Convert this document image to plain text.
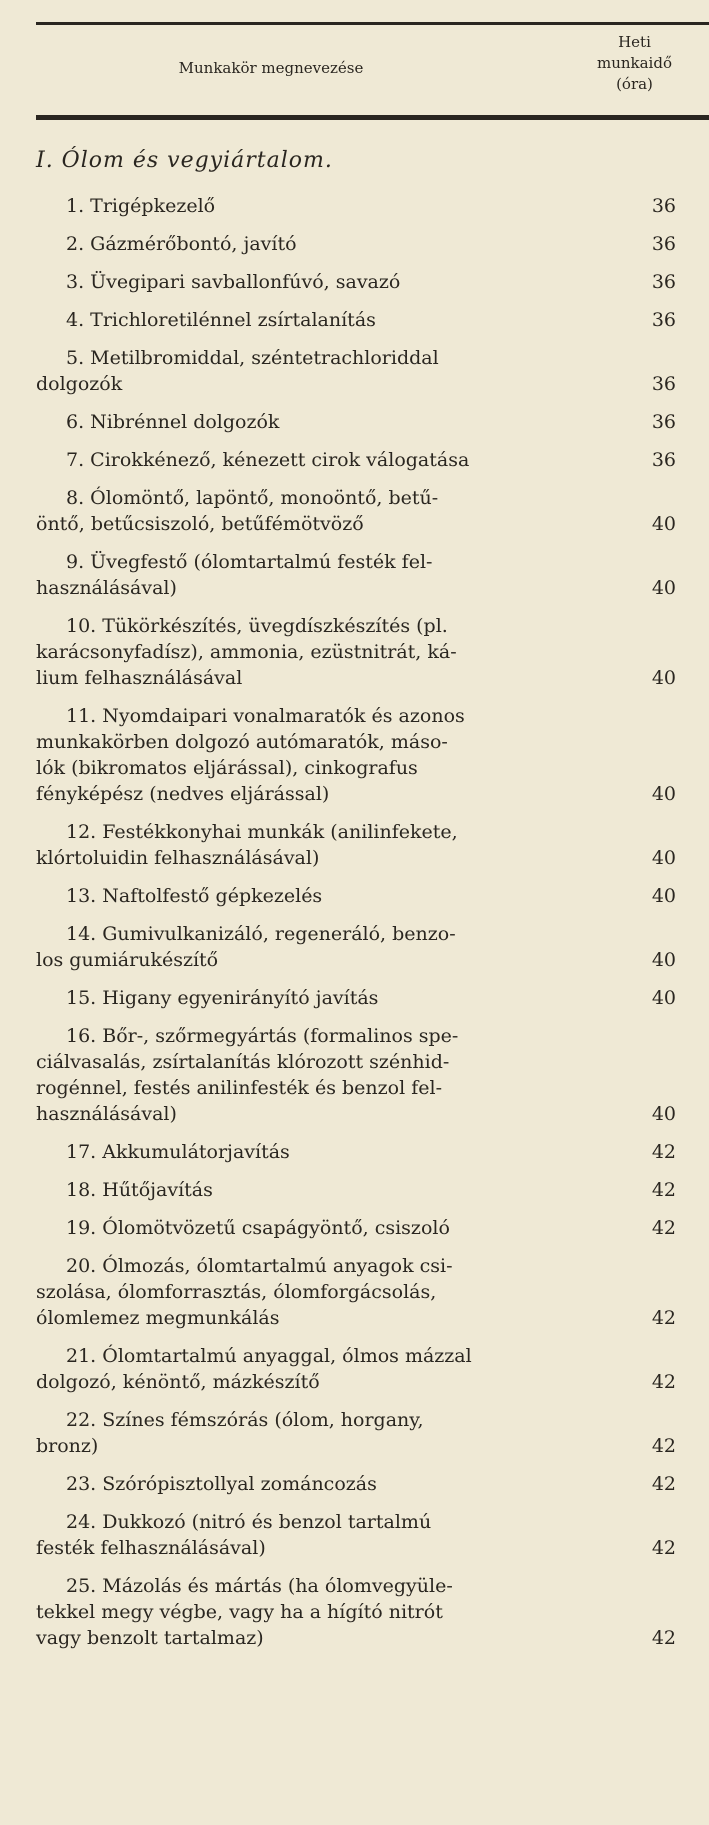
Munkakör megnevezése
Heti
munkaidő
(óra)
I. Ólom és vegyiártalom.
1. Trigépkezelő	36
2. Gázmérőbontó, javító	36
3. Üvegipari savballonfúvó, savazó	36
4. Trichloretilénnel zsírtalanítás	36
5. Metilbromiddal, széntetrachloriddal
dolgozók	36
6. Nibrénnel dolgozók	36
7. Cirokkénező, kénezett cirok válogatása	36
8. Ólomöntő, lapöntő, monoöntő, betű-
öntő, betűcsiszoló, betűfémötvöző	40
9. Üvegfestő (ólomtartalmú festék fel-
használásával)	40
10. Tükörkészítés, üvegdíszkészítés (pl.
karácsonyfadísz), ammonia, ezüstnitrát, ká-
lium felhasználásával	40
11. Nyomdaipari vonalmaratók és azonos
munkakörben dolgozó autómaratók, máso-
lók (bikromatos eljárással), cinkografus
fényképész (nedves eljárással)	40
12. Festékkonyhai munkák (anilinfekete,
klórtoluidin felhasználásával)	40
13. Naftolfestő gépkezelés	40
14. Gumivulkanizáló, regeneráló, benzo-
los gumiárukészítő	40
15. Higany egyenirányító javítás	40
16. Bőr-, szőrmegyártás (formalinos spe-
ciálvasalás, zsírtalanítás klórozott szénhid-
rogénnel, festés anilinfesték és benzol fel-
használásával)	40
17. Akkumulátorjavítás	42
18. Hűtőjavítás	42
19. Ólomötvözetű csapágyöntő, csiszoló	42
20. Ólmozás, ólomtartalmú anyagok csi-
szolása, ólomforrasztás, ólomforgácsolás,
ólomlemez megmunkálás	42
21. Ólomtartalmú anyaggal, ólmos mázzal
dolgozó, kénöntő, mázkészítő	42
22. Színes fémszórás (ólom, horgany,
bronz)	42
23. Szórópisztollyal zománcozás	42
24. Dukkozó (nitró és benzol tartalmú
festék felhasználásával)	42
25. Mázolás és mártás (ha ólomvegyüle-
tekkel megy végbe, vagy ha a hígító nitrót
vagy benzolt tartalmaz)	42
